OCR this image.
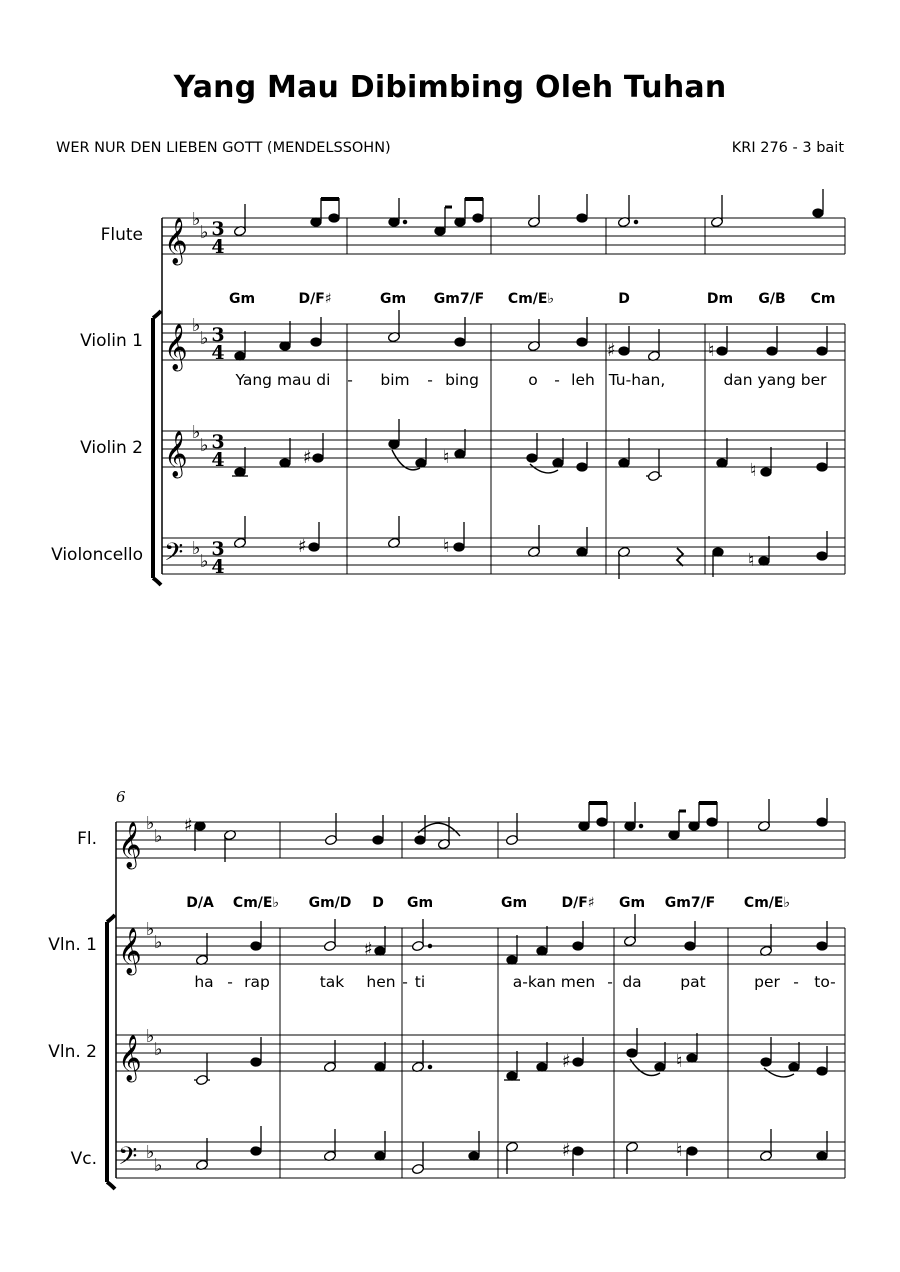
Yang Mau Dibimbing Oleh Tuhan
WER NUR DEN LIEBEN GOTT (MENDELSSOHN)	KRI 276 - 3 bait
Flute
Violin 1
Violin 2
Violoncello
𝄞
𝄞
𝄞
𝄢
♭
♭
♭
♭
♭
♭
♭
♭
3
4
3
4
3
4
3
4
Gm	D/F♯	Gm Gm7/F Cm/E♭	D	Dm G/B Cm
♯	♮
Yang mau di - bim - bing	o - leh Tu-han,	dan yang ber
♯	♮
♮
♯	♮
♮
6
Fl.
Vln. 1
Vln. 2
Vc.
𝄞
𝄞
𝄞
𝄢
♭
♭
♭
♭
♭
♭
♭
♭
♯
D/A Cm/E♭ Gm/D D Gm	Gm D/F♯ Gm Gm7/F Cm/E♭
♯
ha - rap	tak hen - ti	a-kan men - da pat	per - to-
♯	♮
♯	♮
